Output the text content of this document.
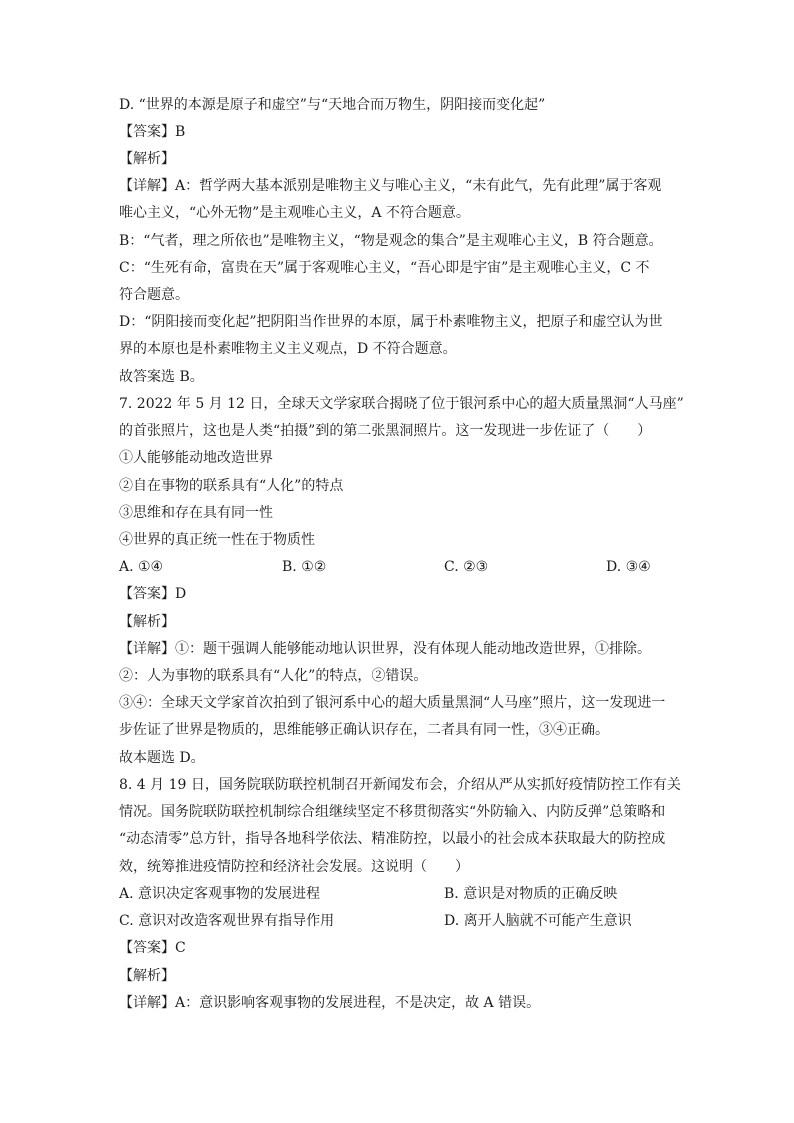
D. “世界的本源是原子和虚空”与“天地合而万物生，阴阳接而变化起”
【答案】B
【解析】
【详解】A：哲学两大基本派别是唯物主义与唯心主义，“未有此气，先有此理”属于客观
唯心主义，“心外无物”是主观唯心主义，A 不符合题意。
B：“气者，理之所依也”是唯物主义，“物是观念的集合”是主观唯心主义，B 符合题意。
C：“生死有命，富贵在天”属于客观唯心主义，“吾心即是宇宙”是主观唯心主义，C 不
符合题意。
D：“阴阳接而变化起”把阴阳当作世界的本原，属于朴素唯物主义，把原子和虚空认为世
界的本原也是朴素唯物主义主义观点，D 不符合题意。
故答案选 B。
7. 2022 年 5 月 12 日，全球天文学家联合揭晓了位于银河系中心的超大质量黑洞“人马座”
的首张照片，这也是人类“拍摄”到的第二张黑洞照片。这一发现进一步佐证了（　　）
①人能够能动地改造世界
②自在事物的联系具有“人化”的特点
③思维和存在具有同一性
④世界的真正统一性在于物质性
A. ①④	B. ①②	C. ②③	D. ③④
【答案】D
【解析】
【详解】①：题干强调人能够能动地认识世界，没有体现人能动地改造世界，①排除。
②：人为事物的联系具有“人化”的特点，②错误。
③④：全球天文学家首次拍到了银河系中心的超大质量黑洞“人马座”照片，这一发现进一
步佐证了世界是物质的，思维能够正确认识存在，二者具有同一性，③④正确。
故本题选 D。
8. 4 月 19 日，国务院联防联控机制召开新闻发布会，介绍从严从实抓好疫情防控工作有关
情况。国务院联防联控机制综合组继续坚定不移贯彻落实“外防输入、内防反弹”总策略和
“动态清零”总方针，指导各地科学依法、精准防控，以最小的社会成本获取最大的防控成
效，统筹推进疫情防控和经济社会发展。这说明（　　）
A. 意识决定客观事物的发展进程	B. 意识是对物质的正确反映
C. 意识对改造客观世界有指导作用	D. 离开人脑就不可能产生意识
【答案】C
【解析】
【详解】A：意识影响客观事物的发展进程，不是决定，故 A 错误。
